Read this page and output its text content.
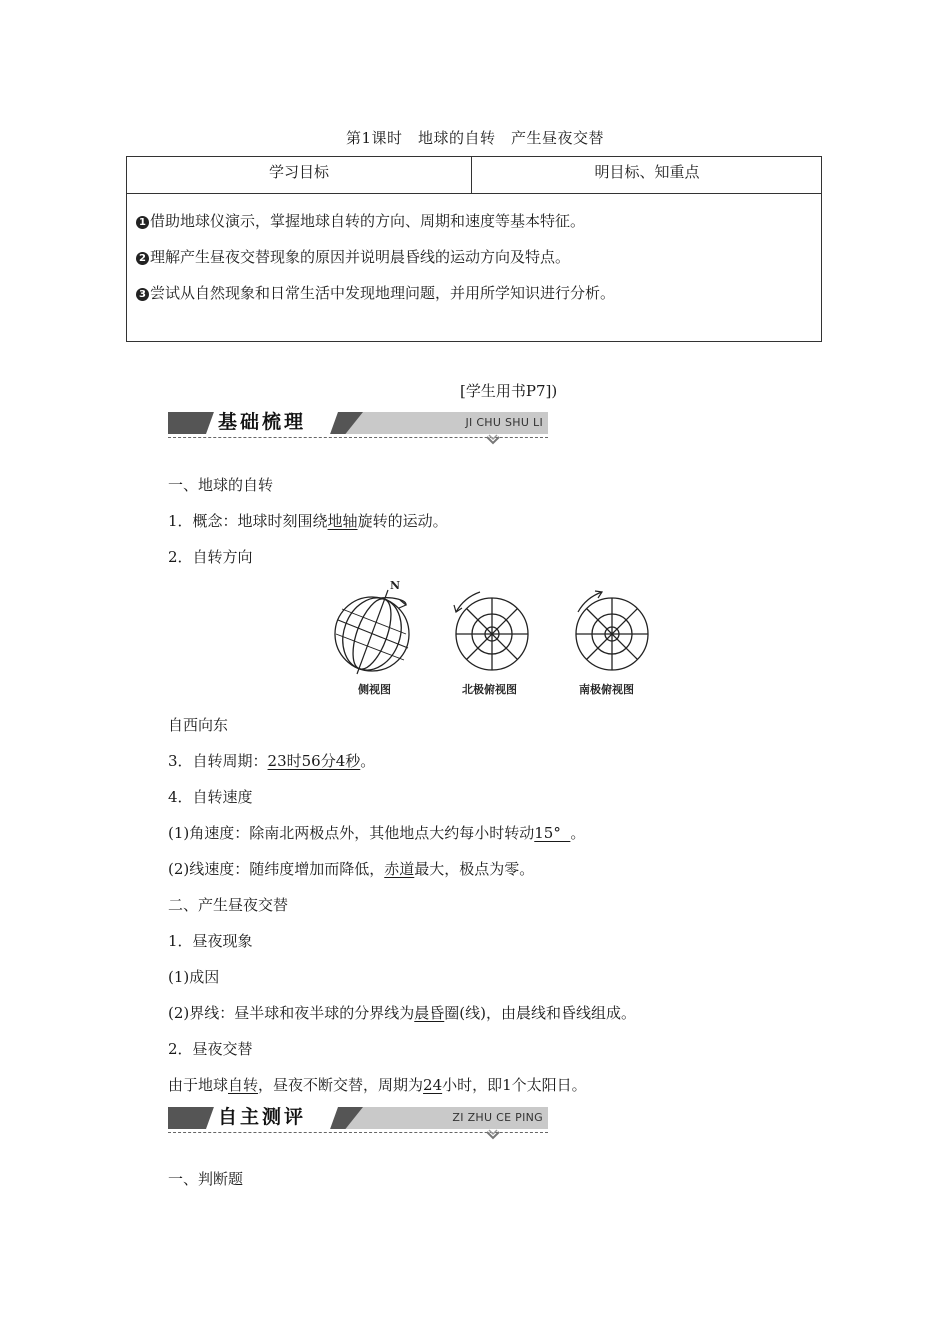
第1课时　地球的自转　产生昼夜交替
学习目标	明目标、知重点
1 借助地球仪演示，掌握地球自转的方向、周期和速度等基本特征。
2 理解产生昼夜交替现象的原因并说明晨昏线的运动方向及特点。
3 尝试从自然现象和日常生活中发现地理问题，并用所学知识进行分析。
[学生用书P7])
基础梳理	JI CHU SHU LI
一、地球的自转
1．概念：地球时刻围绕地轴旋转的运动。
2．自转方向
N
侧视图	北极俯视图	南极俯视图
自西向东
3．自转周期：23时56分4秒。
4．自转速度
(1)角速度：除南北两极点外，其他地点大约每小时转动15°  。
(2)线速度：随纬度增加而降低，赤道最大，极点为零。
二、产生昼夜交替
1．昼夜现象
(1)成因
(2)界线：昼半球和夜半球的分界线为晨昏圈(线)，由晨线和昏线组成。
2．昼夜交替
由于地球自转，昼夜不断交替，周期为24小时，即1个太阳日。
自主测评	ZI ZHU CE PING
一、判断题
